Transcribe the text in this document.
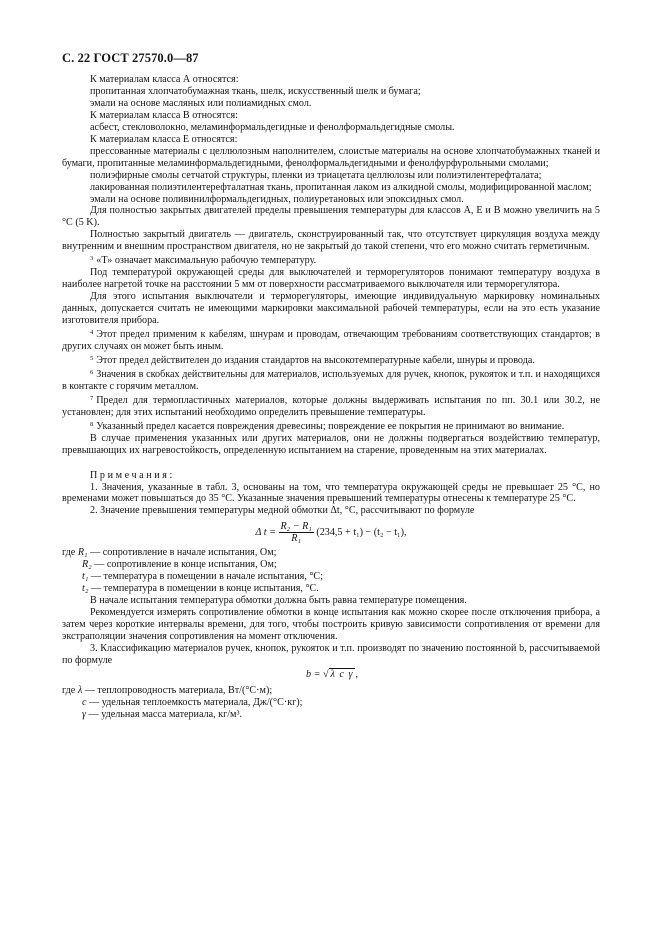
С. 22 ГОСТ 27570.0—87

К материалам класса А относятся:

пропитанная хлопчатобумажная ткань, шелк, искусственный шелк и бумага;

эмали на основе масляных или полиамидных смол.

К материалам класса В относятся:

асбест, стекловолокно, меламинформальдегидные и фенолформальдегидные смолы.

К материалам класса Е относятся:

прессованные материалы с целлюлозным наполнителем, слоистые материалы на основе хлопчатобумажных тканей и бумаги, пропитанные меламинформальдегидными, фенолформальдегидными и фенолфурфурольными смолами;

полиэфирные смолы сетчатой структуры, пленки из триацетата целлюлозы или полиэтилентерефталата;

лакированная полиэтилентерефталатная ткань, пропитанная лаком из алкидной смолы, модифицированной маслом;

эмали на основе поливинилформальдегидных, полиуретановых или эпоксидных смол.

Для полностью закрытых двигателей пределы превышения температуры для классов А, Е и В можно увеличить на 5 °С (5 K).

Полностью закрытый двигатель — двигатель, сконструированный так, что отсутствует циркуляция воздуха между внутренним и внешним пространством двигателя, но не закрытый до такой степени, что его можно считать герметичным.

$^3$ «Т» означает максимальную рабочую температуру.

Под температурой окружающей среды для выключателей и терморегуляторов понимают температуру воздуха в наиболее нагретой точке на расстоянии 5 мм от поверхности рассматриваемого выключателя или терморегулятора.

Для этого испытания выключатели и терморегуляторы, имеющие индивидуальную маркировку номинальных данных, допускается считать не имеющими маркировки максимальной рабочей температуры, если на это есть указание изготовителя прибора.

$^4$ Этот предел применим к кабелям, шнурам и проводам, отвечающим требованиям соответствующих стандартов; в других случаях он может быть иным.

$^5$ Этот предел действителен до издания стандартов на высокотемпературные кабели, шнуры и провода.

$^6$ Значения в скобках действительны для материалов, используемых для ручек, кнопок, рукояток и т.п. и находящихся в контакте с горячим металлом.

$^7$ Предел для термопластичных материалов, которые должны выдерживать испытания по пп. 30.1 или 30.2, не установлен; для этих испытаний необходимо определить превышение температуры.

$^8$ Указанный предел касается повреждения древесины; повреждение ее покрытия не принимают во внимание.

В случае применения указанных или других материалов, они не должны подвергаться воздействию температур, превышающих их нагревостойкость, определенную испытанием на старение, проведенным на этих материалах.

Примечания:

1. Значения, указанные в табл. 3, основаны на том, что температура окружающей среды не превышает 25 °С, но временами может повышаться до 35 °С. Указанные значения превышений температуры отнесены к температуре 25 °С.

2. Значение превышения температуры медной обмотки Δt, °С, рассчитывают по формуле

Δ $t = \frac{\text{R₂ − R₁}}{\text{R₁}} (234,5 + t_1) - (t_2 - t_1)$,

где R₁ — сопротивление в начале испытания, Ом;

R₂ — сопротивление в конце испытания, Ом;

t₁ — температура в помещении в начале испытания, °С;

t₂ — температура в помещении в конце испытания, °С.

В начале испытания температура обмотки должна быть равна температуре помещения.

Рекомендуется измерять сопротивление обмотки в конце испытания как можно скорее после отключения прибора, а затем через короткие интервалы времени, для того, чтобы построить кривую зависимости сопротивления от времени для экстраполяции значения сопротивления на момент отключения.

3. Классификацию материалов ручек, кнопок, рукояток и т.п. производят по значению постоянной b, рассчитываемой по формуле

b = √ λ c γ ,

где λ — теплопроводность материала, Вт/(°С·м);

c — удельная теплоемкость материала, Дж/(°С·кг);

γ — удельная масса материала, кг/м³.
